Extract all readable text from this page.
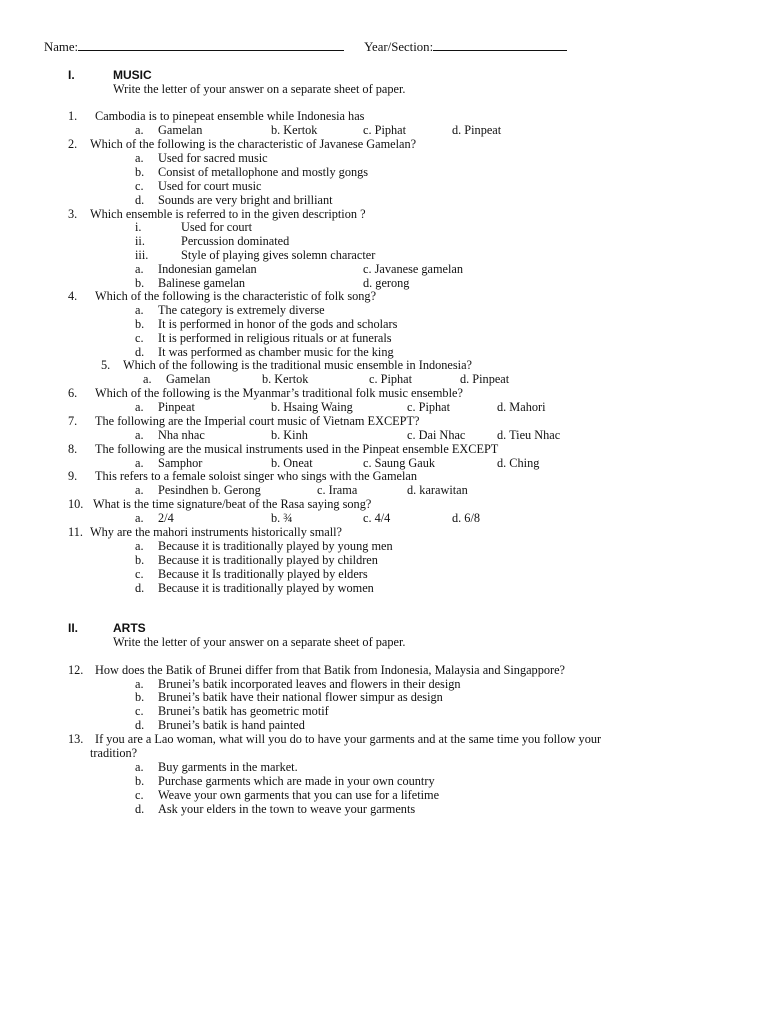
Name:	Year/Section:
I.	MUSIC
Write the letter of your answer on a separate sheet of paper.
1. Cambodia is to pinepeat ensemble while Indonesia has
a. Gamelan	b. Kertok	c. Piphat	d. Pinpeat
2. Which of the following is the characteristic of Javanese Gamelan?
a. Used for sacred music
b. Consist of metallophone and mostly gongs
c. Used for court music
d. Sounds are very bright and brilliant
3. Which ensemble is referred to in the given description ?
i.	Used for court
ii.	Percussion dominated
iii.	Style of playing gives solemn character
a. Indonesian gamelan	c. Javanese gamelan
b. Balinese gamelan	d. gerong
4. Which of the following is the characteristic of folk song?
a. The category is extremely diverse
b. It is performed in honor of the gods and scholars
c. It is performed in religious rituals or at funerals
d. It was performed as chamber music for the king
5. Which of the following is the traditional music ensemble in Indonesia?
a. Gamelan	b. Kertok	c. Piphat	d. Pinpeat
6. Which of the following is the Myanmar’s traditional folk music ensemble?
a. Pinpeat	b. Hsaing Waing	c. Piphat	d. Mahori
7. The following are the Imperial court music of Vietnam EXCEPT?
a. Nha nhac	b. Kinh	c. Dai Nhac	d. Tieu Nhac
8. The following are the musical instruments used in the Pinpeat ensemble EXCEPT
a. Samphor	b. Oneat	c. Saung Gauk	d. Ching
9. This refers to a female soloist singer who sings with the Gamelan
a. Pesindhen b. Gerong	c. Irama	d. karawitan
10. What is the time signature/beat of the Rasa saying song?
a. 2/4	b. ¾	c. 4/4	d. 6/8
11. Why are the mahori instruments historically small?
a. Because it is traditionally played by young men
b. Because it is traditionally played by children
c. Because it Is traditionally played by elders
d. Because it is traditionally played by women
II.	ARTS
Write the letter of your answer on a separate sheet of paper.
12. How does the Batik of Brunei differ from that Batik from Indonesia, Malaysia and Singappore?
a. Brunei’s batik incorporated leaves and flowers in their design
b. Brunei’s batik have their national flower simpur as design
c. Brunei’s batik has geometric motif
d. Brunei’s batik is hand painted
13. If you are a Lao woman, what will you do to have your garments and at the same time you follow your
tradition?
a. Buy garments in the market.
b. Purchase garments which are made in your own country
c. Weave your own garments that you can use for a lifetime
d. Ask your elders in the town to weave your garments
